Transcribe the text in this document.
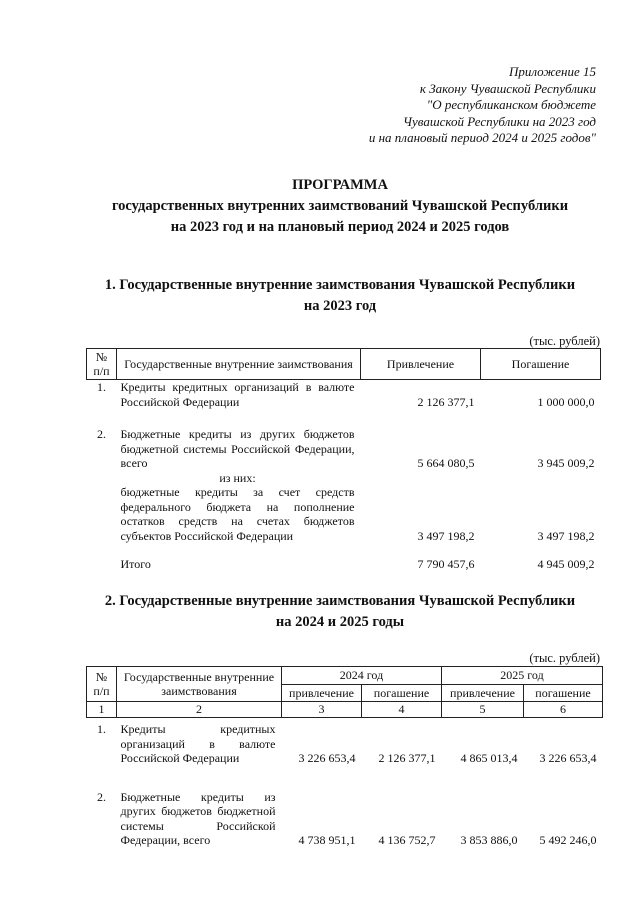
Приложение 15
к Закону Чувашской Республики
"О республиканском бюджете
Чувашской Республики на 2023 год
и на плановый период 2024 и 2025 годов"
ПРОГРАММА
государственных внутренних заимствований Чувашской Республики
на 2023 год и на плановый период 2024 и 2025 годов
1. Государственные внутренние заимствования Чувашской Республики
на 2023 год
(тыс. рублей)
№ п/п	Государственные внутренние заимствования	Привлечение	Погашение
1.	Кредиты кредитных организаций в валюте Российской Федерации	2 126 377,1	1 000 000,0

2.	Бюджетные кредиты из других бюджетов бюджетной системы Российской Федерации, всего	5 664 080,5	3 945 009,2
	из них:		
	бюджетные кредиты за счет средств федерального бюджета на пополнение остатков средств на счетах бюджетов субъектов Российской Федерации	3 497 198,2	3 497 198,2

	Итого	7 790 457,6	4 945 009,2
2. Государственные внутренние заимствования Чувашской Республики
на 2024 и 2025 годы
(тыс. рублей)
№ п/п	Государственные внутренние заимствования	2024 год		2025 год	
		привлечение	погашение	привлечение	погашение
1	2	3	4	5	6

1.	Кредиты кредитных организаций в валюте Российской Федерации	3 226 653,4	2 126 377,1	4 865 013,4	3 226 653,4

2.	Бюджетные кредиты из других бюджетов бюджетной системы Российской Федерации, всего	4 738 951,1	4 136 752,7	3 853 886,0	5 492 246,0
